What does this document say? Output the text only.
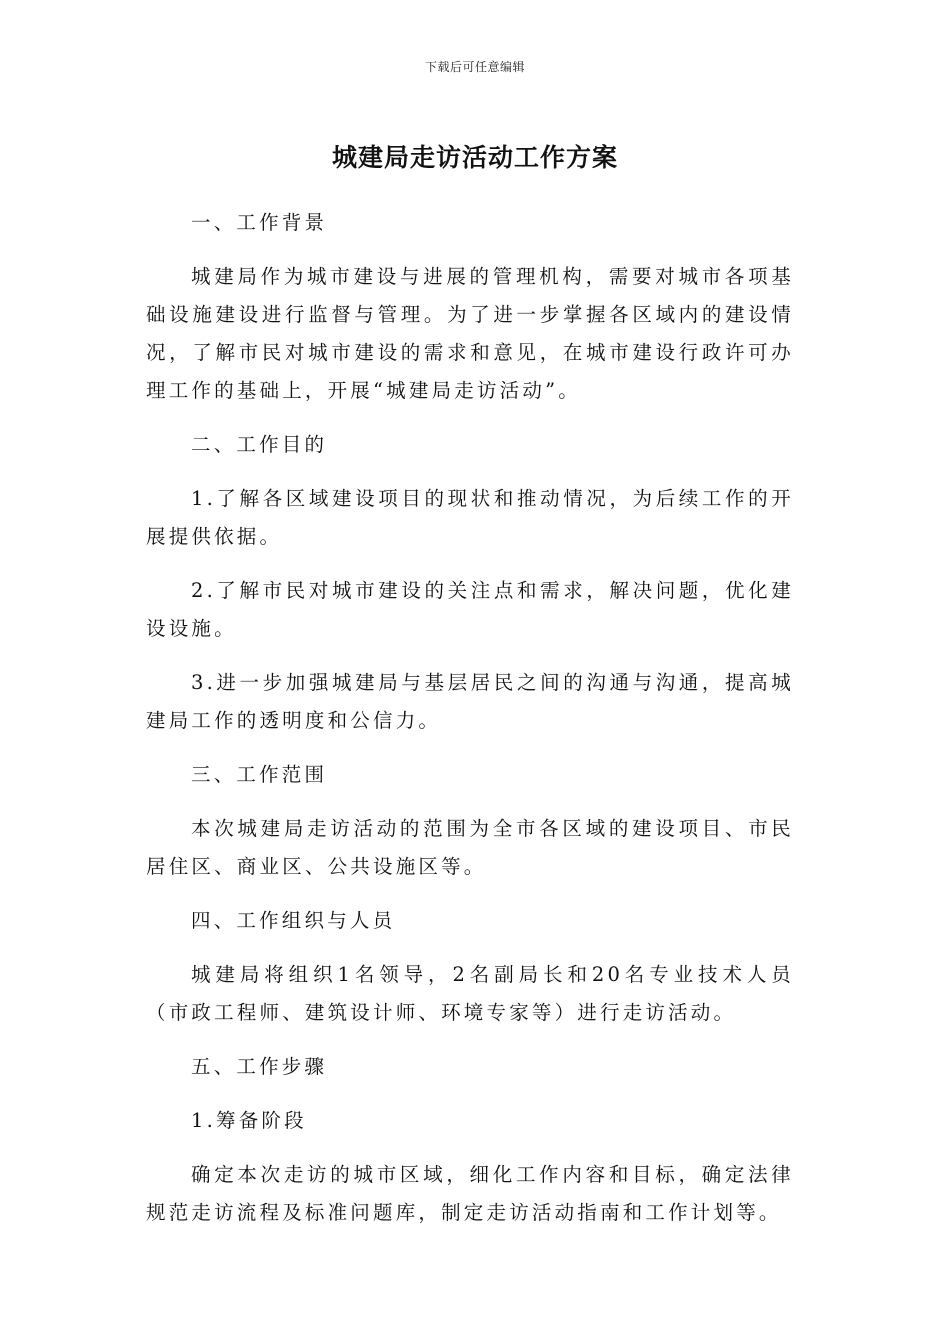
下载后可任意编辑
城建局走访活动工作方案

一、工作背景

城建局作为城市建设与进展的管理机构，需要对城市各项基础设施建设进行监督与管理。为了进一步掌握各区域内的建设情况，了解市民对城市建设的需求和意见，在城市建设行政许可办理工作的基础上，开展“城建局走访活动”。

二、工作目的

1.了解各区域建设项目的现状和推动情况，为后续工作的开展提供依据。

2.了解市民对城市建设的关注点和需求，解决问题，优化建设设施。

3.进一步加强城建局与基层居民之间的沟通与沟通，提高城建局工作的透明度和公信力。

三、工作范围

本次城建局走访活动的范围为全市各区域的建设项目、市民居住区、商业区、公共设施区等。

四、工作组织与人员

城建局将组织1名领导，2名副局长和20名专业技术人员（市政工程师、建筑设计师、环境专家等）进行走访活动。

五、工作步骤

1.筹备阶段

确定本次走访的城市区域，细化工作内容和目标，确定法律规范走访流程及标准问题库，制定走访活动指南和工作计划等。
